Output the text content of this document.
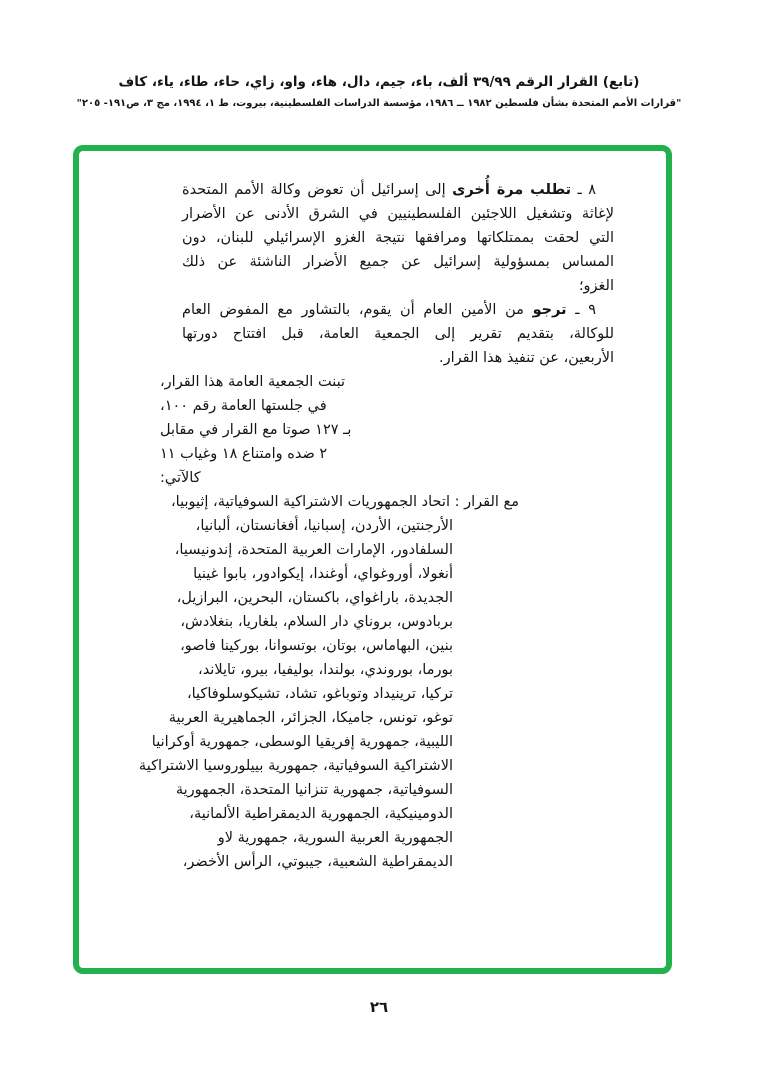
(تابع) القرار الرقم ٣٩/٩٩ ألف، باء، جيم، دال، هاء، واو، زاي، حاء، طاء، ياء، كاف
"قرارات الأمم المتحدة بشأن فلسطين ١٩٨٢ ــ ١٩٨٦، مؤسسة الدراسات الفلسطينية، بيروت، ط ١، ١٩٩٤، مج ٣، ص١٩١- ٢٠٥"
٨ ـ تطلب مرة أُخرى إلى إسرائيل أن تعوض وكالة الأمم المتحدة
لإغاثة وتشغيل اللاجئين الفلسطينيين في الشرق الأدنى عن الأضرار
التي لحقت بممتلكاتها ومرافقها نتيجة الغزو الإسرائيلي للبنان، دون
المساس بمسؤولية إسرائيل عن جميع الأضرار الناشئة عن ذلك
الغزو؛
٩ ـ ترجو من الأمين العام أن يقوم، بالتشاور مع المفوض العام
للوكالة، بتقديم تقرير إلى الجمعية العامة، قبل افتتاح دورتها
الأربعين، عن تنفيذ هذا القرار.
تبنت الجمعية العامة هذا القرار،
في جلستها العامة رقم ١٠٠،
بـ ١٢٧ صوتا مع القرار في مقابل
٢ ضده وامتناع ١٨ وغياب ١١
كالآتي:
مع القرار : اتحاد الجمهوريات الاشتراكية السوفياتية، إثيوبيا،
الأرجنتين، الأردن، إسبانيا، أفغانستان، ألبانيا،
السلفادور، الإمارات العربية المتحدة، إندونيسيا،
أنغولا، أوروغواي، أوغندا، إيكوادور، بابوا غينيا
الجديدة، باراغواي، باكستان، البحرين، البرازيل،
بربادوس، بروناي دار السلام، بلغاريا، بنغلادش،
بنين، البهاماس، بوتان، بوتسوانا، بوركينا فاصو،
بورما، بوروندي، بولندا، بوليفيا، بيرو، تايلاند،
تركيا، ترينيداد وتوباغو، تشاد، تشيكوسلوفاكيا،
توغو، تونس، جاميكا، الجزائر، الجماهيرية العربية
الليبية، جمهورية إفريقيا الوسطى، جمهورية أوكرانيا
الاشتراكية السوفياتية، جمهورية بييلوروسيا الاشتراكية
السوفياتية، جمهورية تنزانيا المتحدة، الجمهورية
الدومينيكية، الجمهورية الديمقراطية الألمانية،
الجمهورية العربية السورية، جمهورية لاو
الديمقراطية الشعبية، جيبوتي، الرأس الأخضر،
٢٦
